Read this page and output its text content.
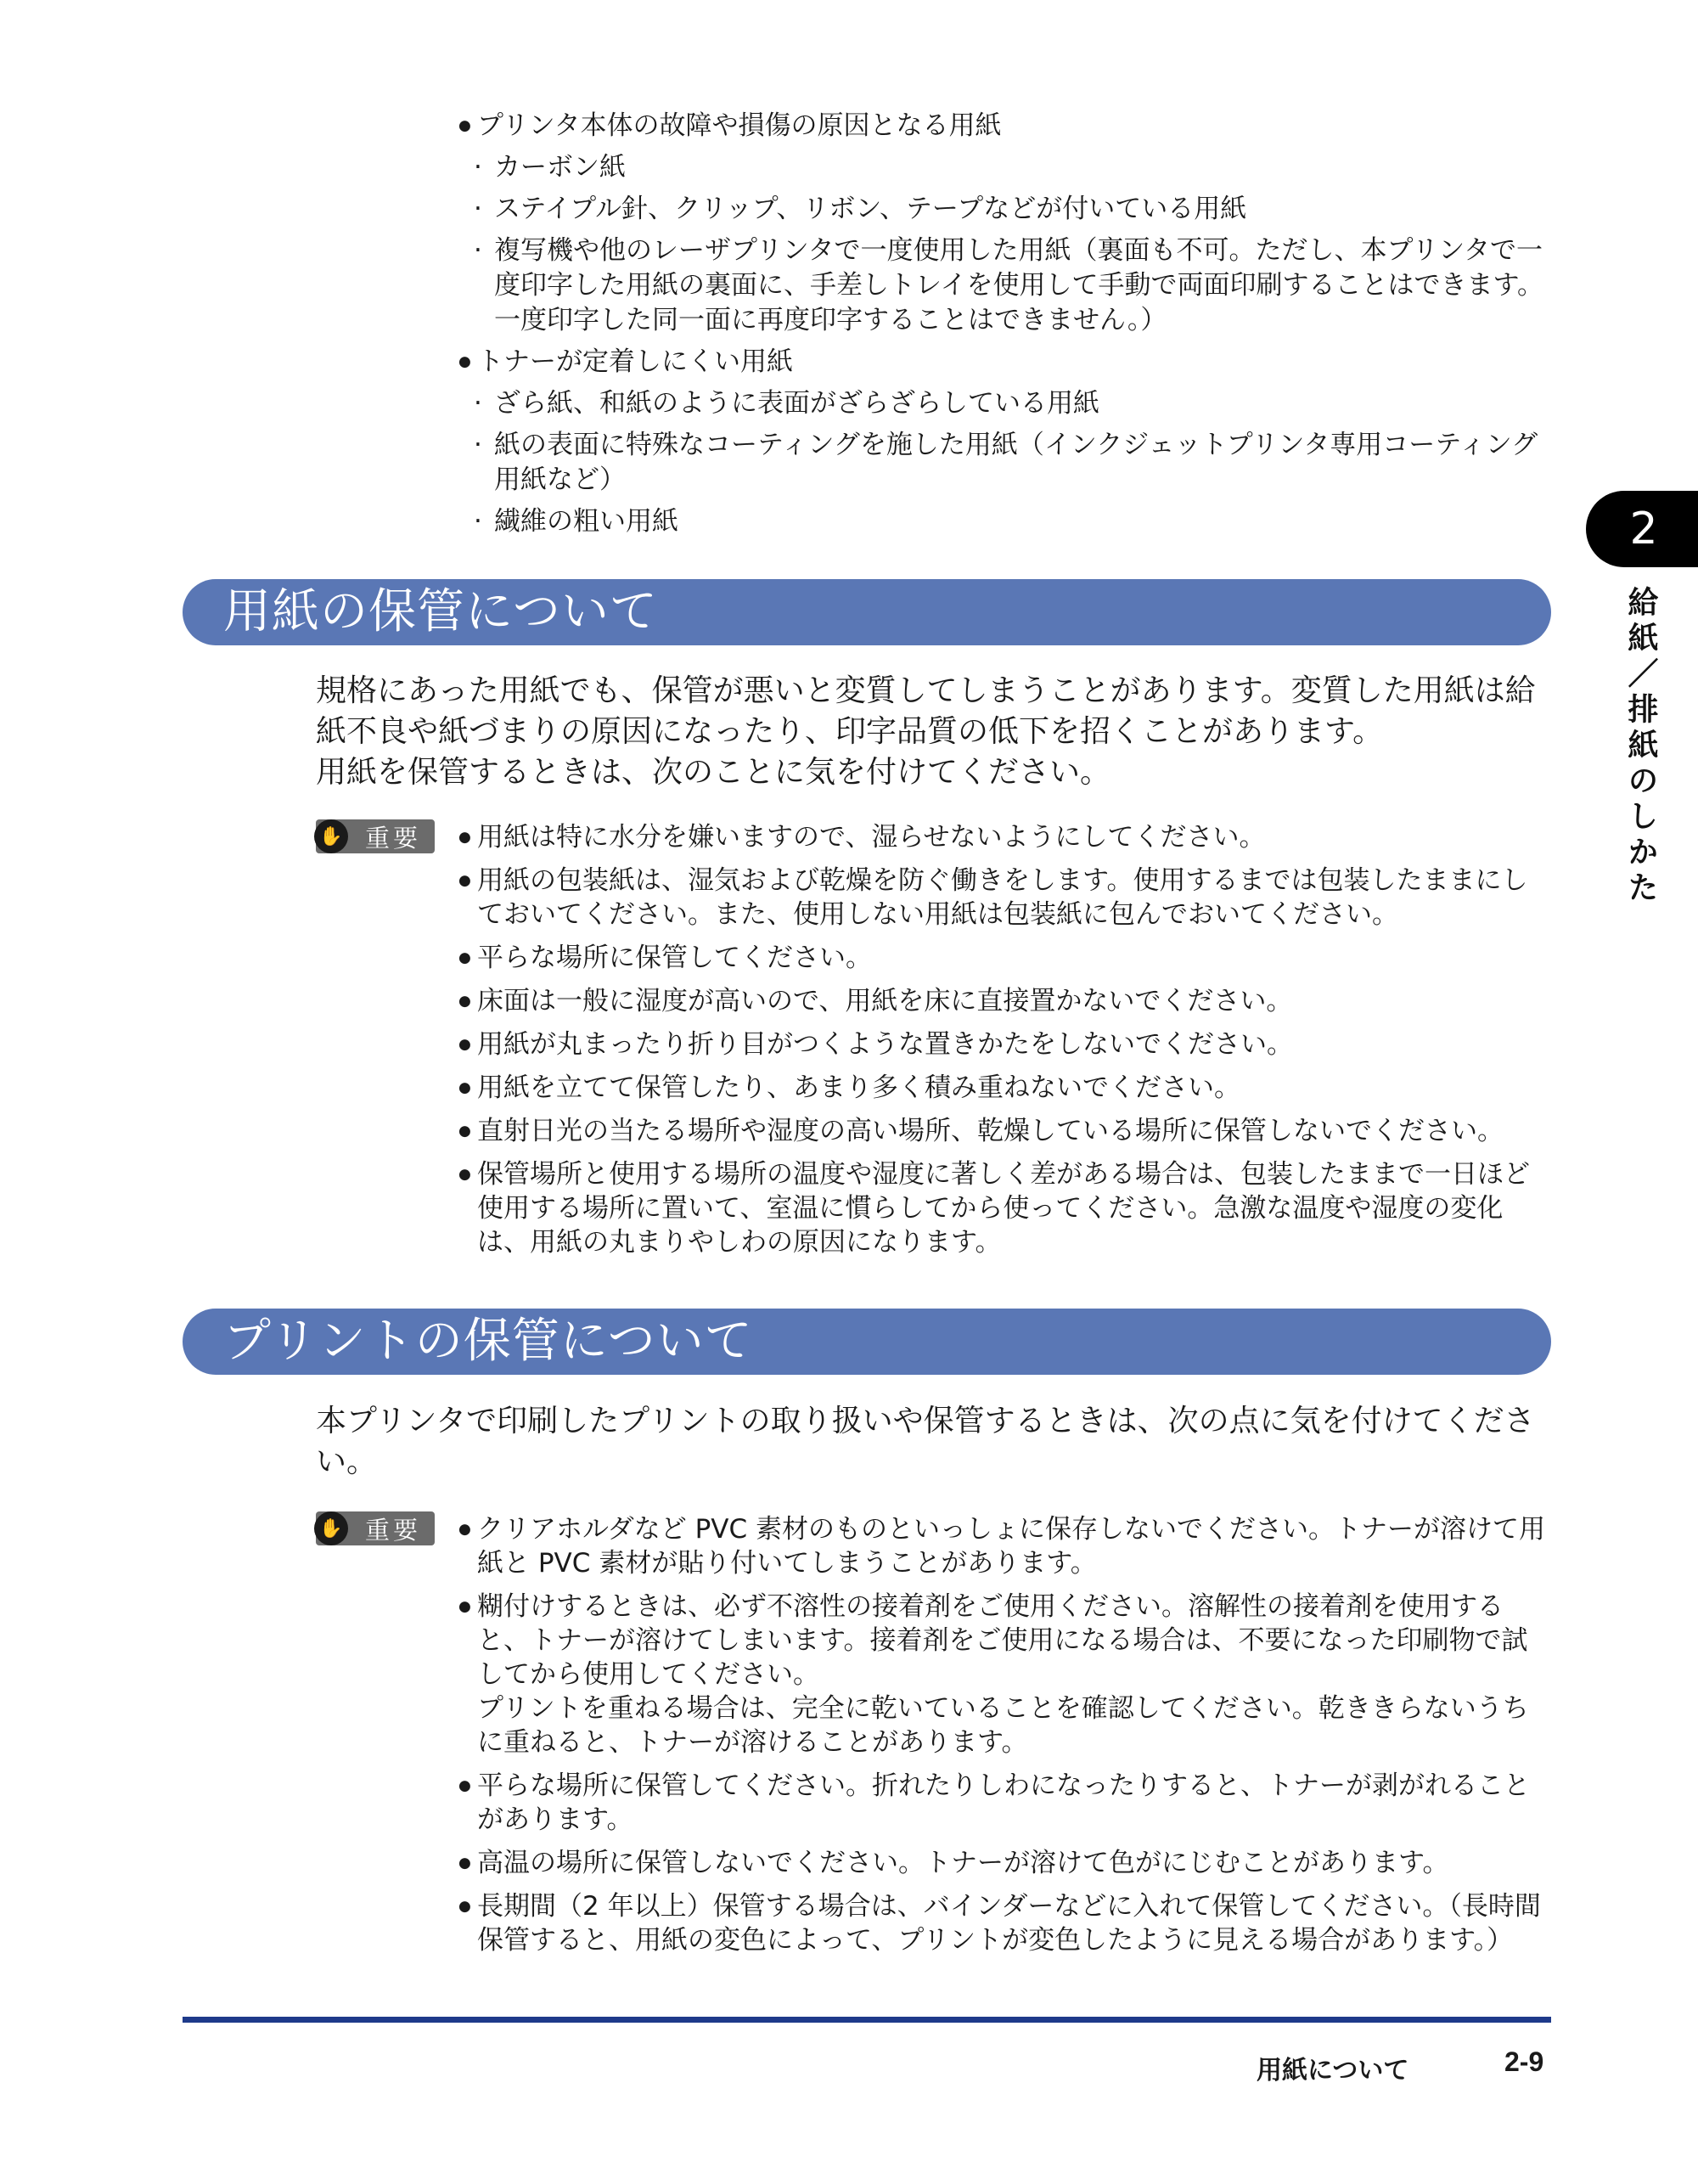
● プリンタ本体の故障や損傷の原因となる用紙
· カーボン紙
· ステイプル針、クリップ、リボン、テープなどが付いている用紙
· 複写機や他のレーザプリンタで一度使用した用紙（裏面も不可。ただし、本プリンタで一度印字した用紙の裏面に、手差しトレイを使用して手動で両面印刷することはできます。一度印字した同一面に再度印字することはできません。）
● トナーが定着しにくい用紙
· ざら紙、和紙のように表面がざらざらしている用紙
· 紙の表面に特殊なコーティングを施した用紙（インクジェットプリンタ専用コーティング用紙など）
· 繊維の粗い用紙
用紙の保管について

規格にあった用紙でも、保管が悪いと変質してしまうことがあります。変質した用紙は給紙不良や紙づまりの原因になったり、印字品質の低下を招くことがあります。

用紙を保管するときは、次のことに気を付けてください。

✋ 重要	● 用紙は特に水分を嫌いますので、湿らせないようにしてください。
● 用紙の包装紙は、湿気および乾燥を防ぐ働きをします。使用するまでは包装したままにしておいてください。また、使用しない用紙は包装紙に包んでおいてください。
● 平らな場所に保管してください。
● 床面は一般に湿度が高いので、用紙を床に直接置かないでください。
● 用紙が丸まったり折り目がつくような置きかたをしないでください。
● 用紙を立てて保管したり、あまり多く積み重ねないでください。
● 直射日光の当たる場所や湿度の高い場所、乾燥している場所に保管しないでください。
● 保管場所と使用する場所の温度や湿度に著しく差がある場合は、包装したままで一日ほど使用する場所に置いて、室温に慣らしてから使ってください。急激な温度や湿度の変化は、用紙の丸まりやしわの原因になります。
プリントの保管について

本プリンタで印刷したプリントの取り扱いや保管するときは、次の点に気を付けてください。

✋ 重要	● クリアホルダなど PVC 素材のものといっしょに保存しないでください。トナーが溶けて用紙と PVC 素材が貼り付いてしまうことがあります。
● 糊付けするときは、必ず不溶性の接着剤をご使用ください。溶解性の接着剤を使用すると、トナーが溶けてしまいます。接着剤をご使用になる場合は、不要になった印刷物で試してから使用してください。
プリントを重ねる場合は、完全に乾いていることを確認してください。乾ききらないうちに重ねると、トナーが溶けることがあります。
● 平らな場所に保管してください。折れたりしわになったりすると、トナーが剥がれることがあります。
● 高温の場所に保管しないでください。トナーが溶けて色がにじむことがあります。
● 長期間（2 年以上）保管する場合は、バインダーなどに入れて保管してください。（長時間保管すると、用紙の変色によって、プリントが変色したように見える場合があります。）
2
給紙／排紙のしかた
用紙について	2-9
